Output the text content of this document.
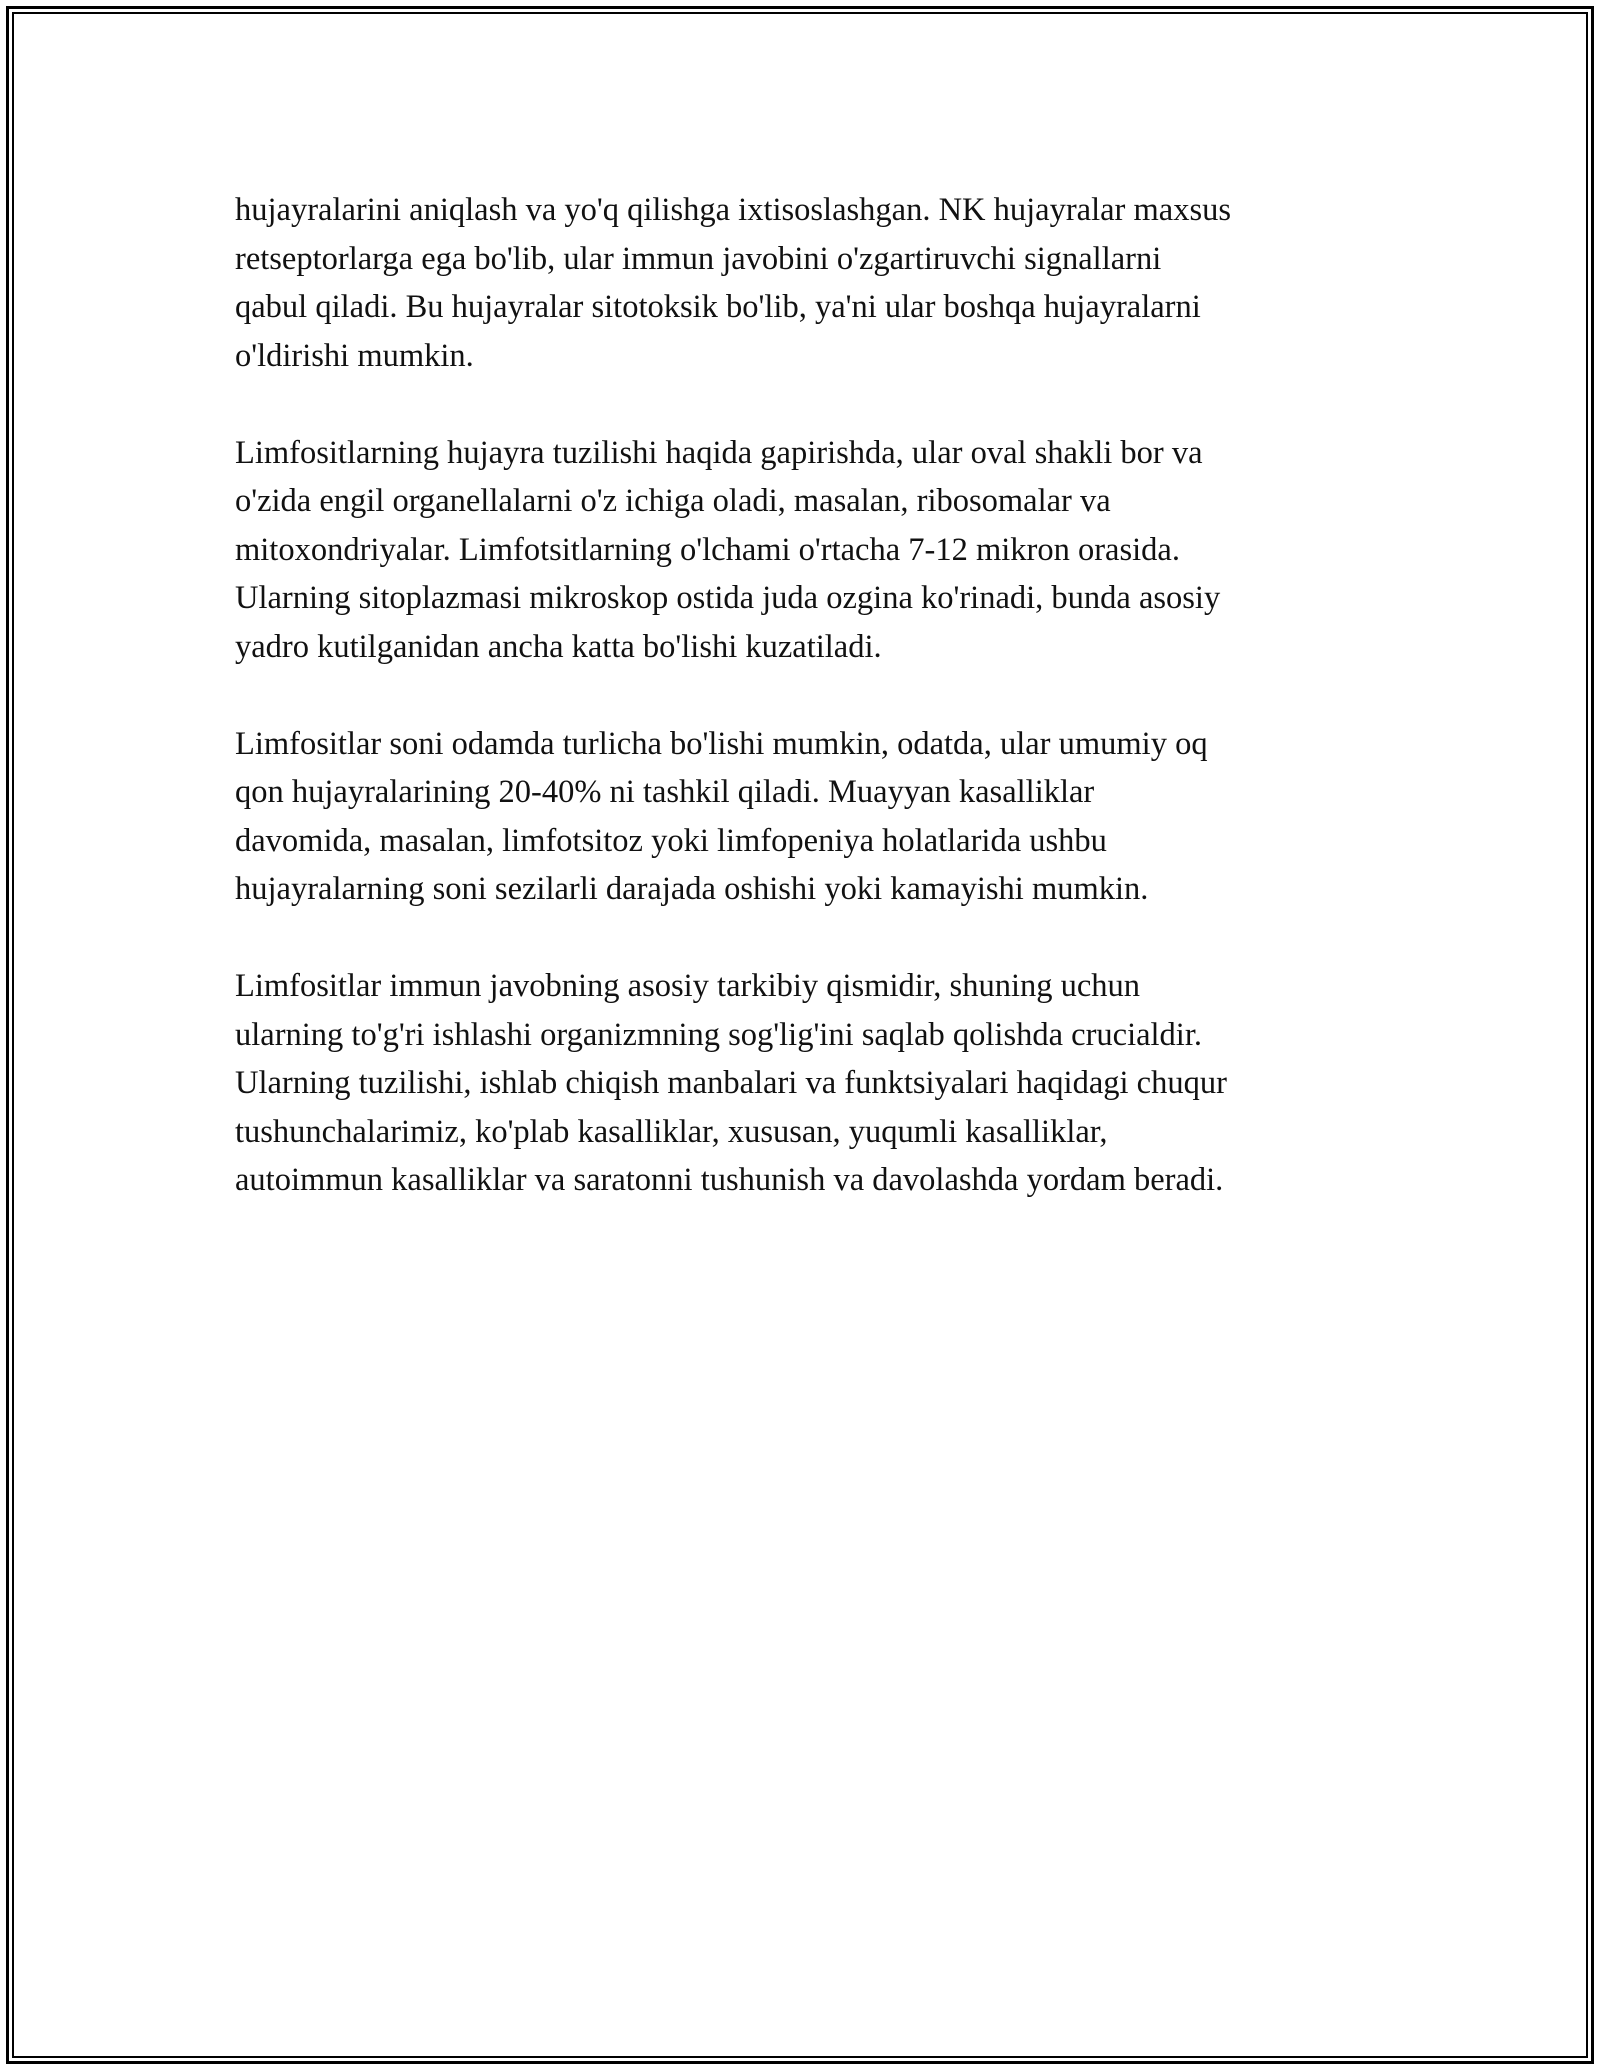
hujayralarini aniqlash va yo'q qilishga ixtisoslashgan. NK hujayralar maxsus
retseptorlarga ega bo'lib, ular immun javobini o'zgartiruvchi signallarni
qabul qiladi. Bu hujayralar sitotoksik bo'lib, ya'ni ular boshqa hujayralarni
o'ldirishi mumkin.

Limfositlarning hujayra tuzilishi haqida gapirishda, ular oval shakli bor va
o'zida engil organellalarni o'z ichiga oladi, masalan, ribosomalar va
mitoxondriyalar. Limfotsitlarning o'lchami o'rtacha 7-12 mikron orasida.
Ularning sitoplazmasi mikroskop ostida juda ozgina ko'rinadi, bunda asosiy
yadro kutilganidan ancha katta bo'lishi kuzatiladi.

Limfositlar soni odamda turlicha bo'lishi mumkin, odatda, ular umumiy oq
qon hujayralarining 20-40% ni tashkil qiladi. Muayyan kasalliklar
davomida, masalan, limfotsitoz yoki limfopeniya holatlarida ushbu
hujayralarning soni sezilarli darajada oshishi yoki kamayishi mumkin.

Limfositlar immun javobning asosiy tarkibiy qismidir, shuning uchun
ularning to'g'ri ishlashi organizmning sog'lig'ini saqlab qolishda crucialdir.
Ularning tuzilishi, ishlab chiqish manbalari va funktsiyalari haqidagi chuqur
tushunchalarimiz, ko'plab kasalliklar, xususan, yuqumli kasalliklar,
autoimmun kasalliklar va saratonni tushunish va davolashda yordam beradi.
